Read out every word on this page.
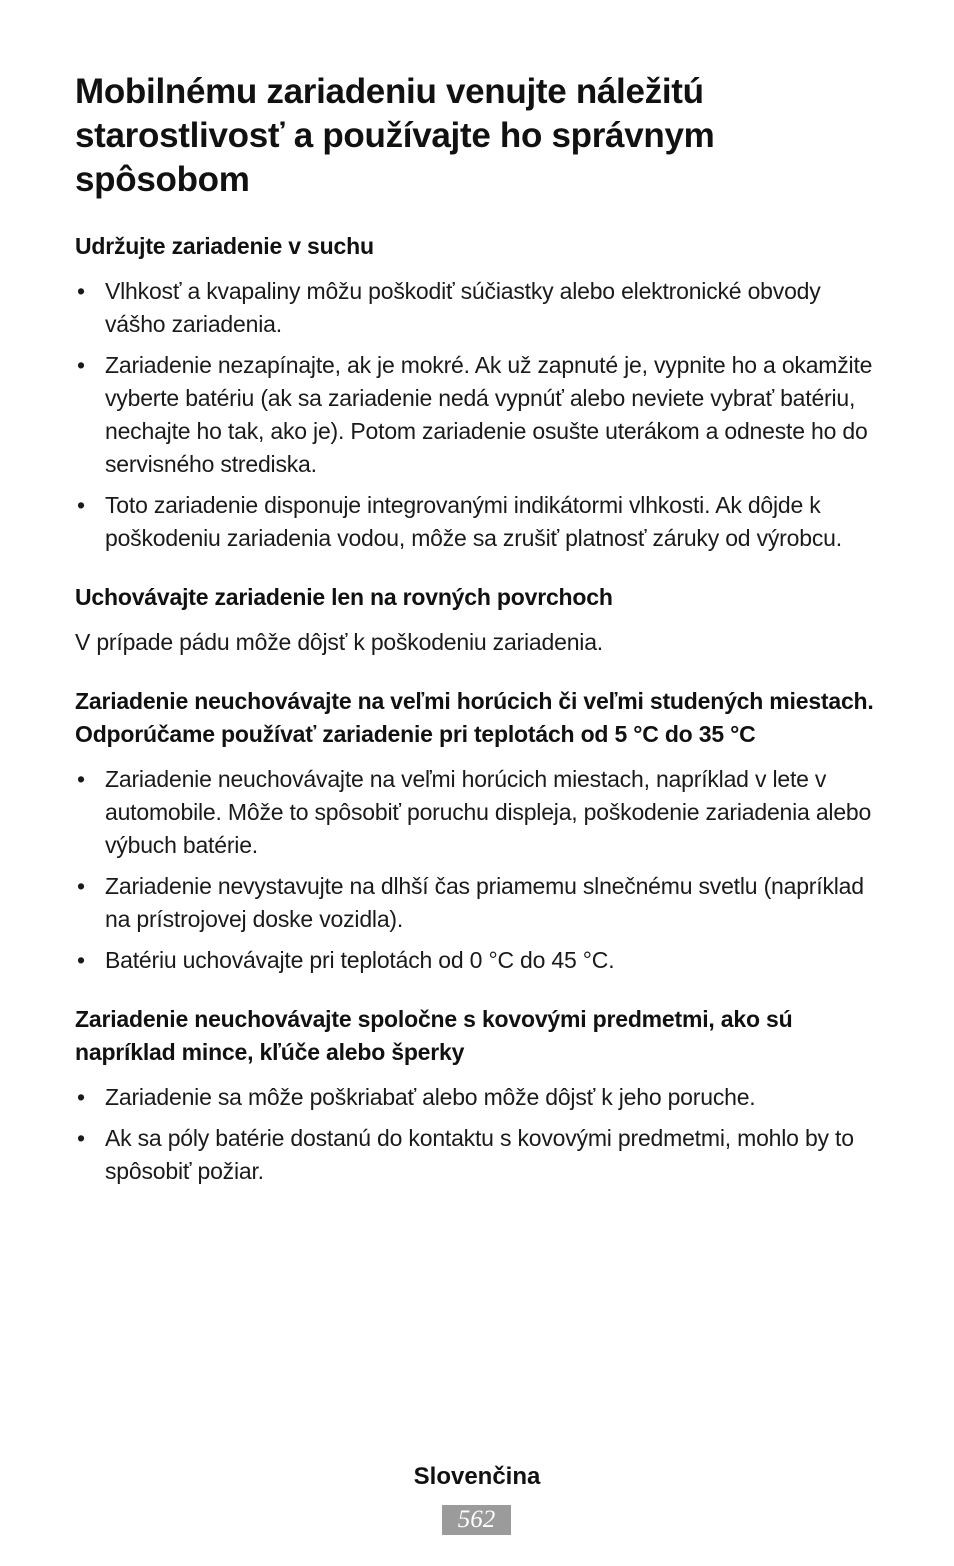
Mobilnému zariadeniu venujte náležitú starostlivosť a používajte ho správnym spôsobom
Udržujte zariadenie v suchu
• Vlhkosť a kvapaliny môžu poškodiť súčiastky alebo elektronické obvody vášho zariadenia.
• Zariadenie nezapínajte, ak je mokré. Ak už zapnuté je, vypnite ho a okamžite vyberte batériu (ak sa zariadenie nedá vypnúť alebo neviete vybrať batériu, nechajte ho tak, ako je). Potom zariadenie osušte uterákom a odneste ho do servisného strediska.
• Toto zariadenie disponuje integrovanými indikátormi vlhkosti. Ak dôjde k poškodeniu zariadenia vodou, môže sa zrušiť platnosť záruky od výrobcu.
Uchovávajte zariadenie len na rovných povrchoch

V prípade pádu môže dôjsť k poškodeniu zariadenia.

Zariadenie neuchovávajte na veľmi horúcich či veľmi studených miestach. Odporúčame používať zariadenie pri teplotách od 5 °C do 35 °C
• Zariadenie neuchovávajte na veľmi horúcich miestach, napríklad v lete v automobile. Môže to spôsobiť poruchu displeja, poškodenie zariadenia alebo výbuch batérie.
• Zariadenie nevystavujte na dlhší čas priamemu slnečnému svetlu (napríklad na prístrojovej doske vozidla).
• Batériu uchovávajte pri teplotách od 0 °C do 45 °C.
Zariadenie neuchovávajte spoločne s kovovými predmetmi, ako sú napríklad mince, kľúče alebo šperky
• Zariadenie sa môže poškriabať alebo môže dôjsť k jeho poruche.
• Ak sa póly batérie dostanú do kontaktu s kovovými predmetmi, mohlo by to spôsobiť požiar.
Slovenčina
562
